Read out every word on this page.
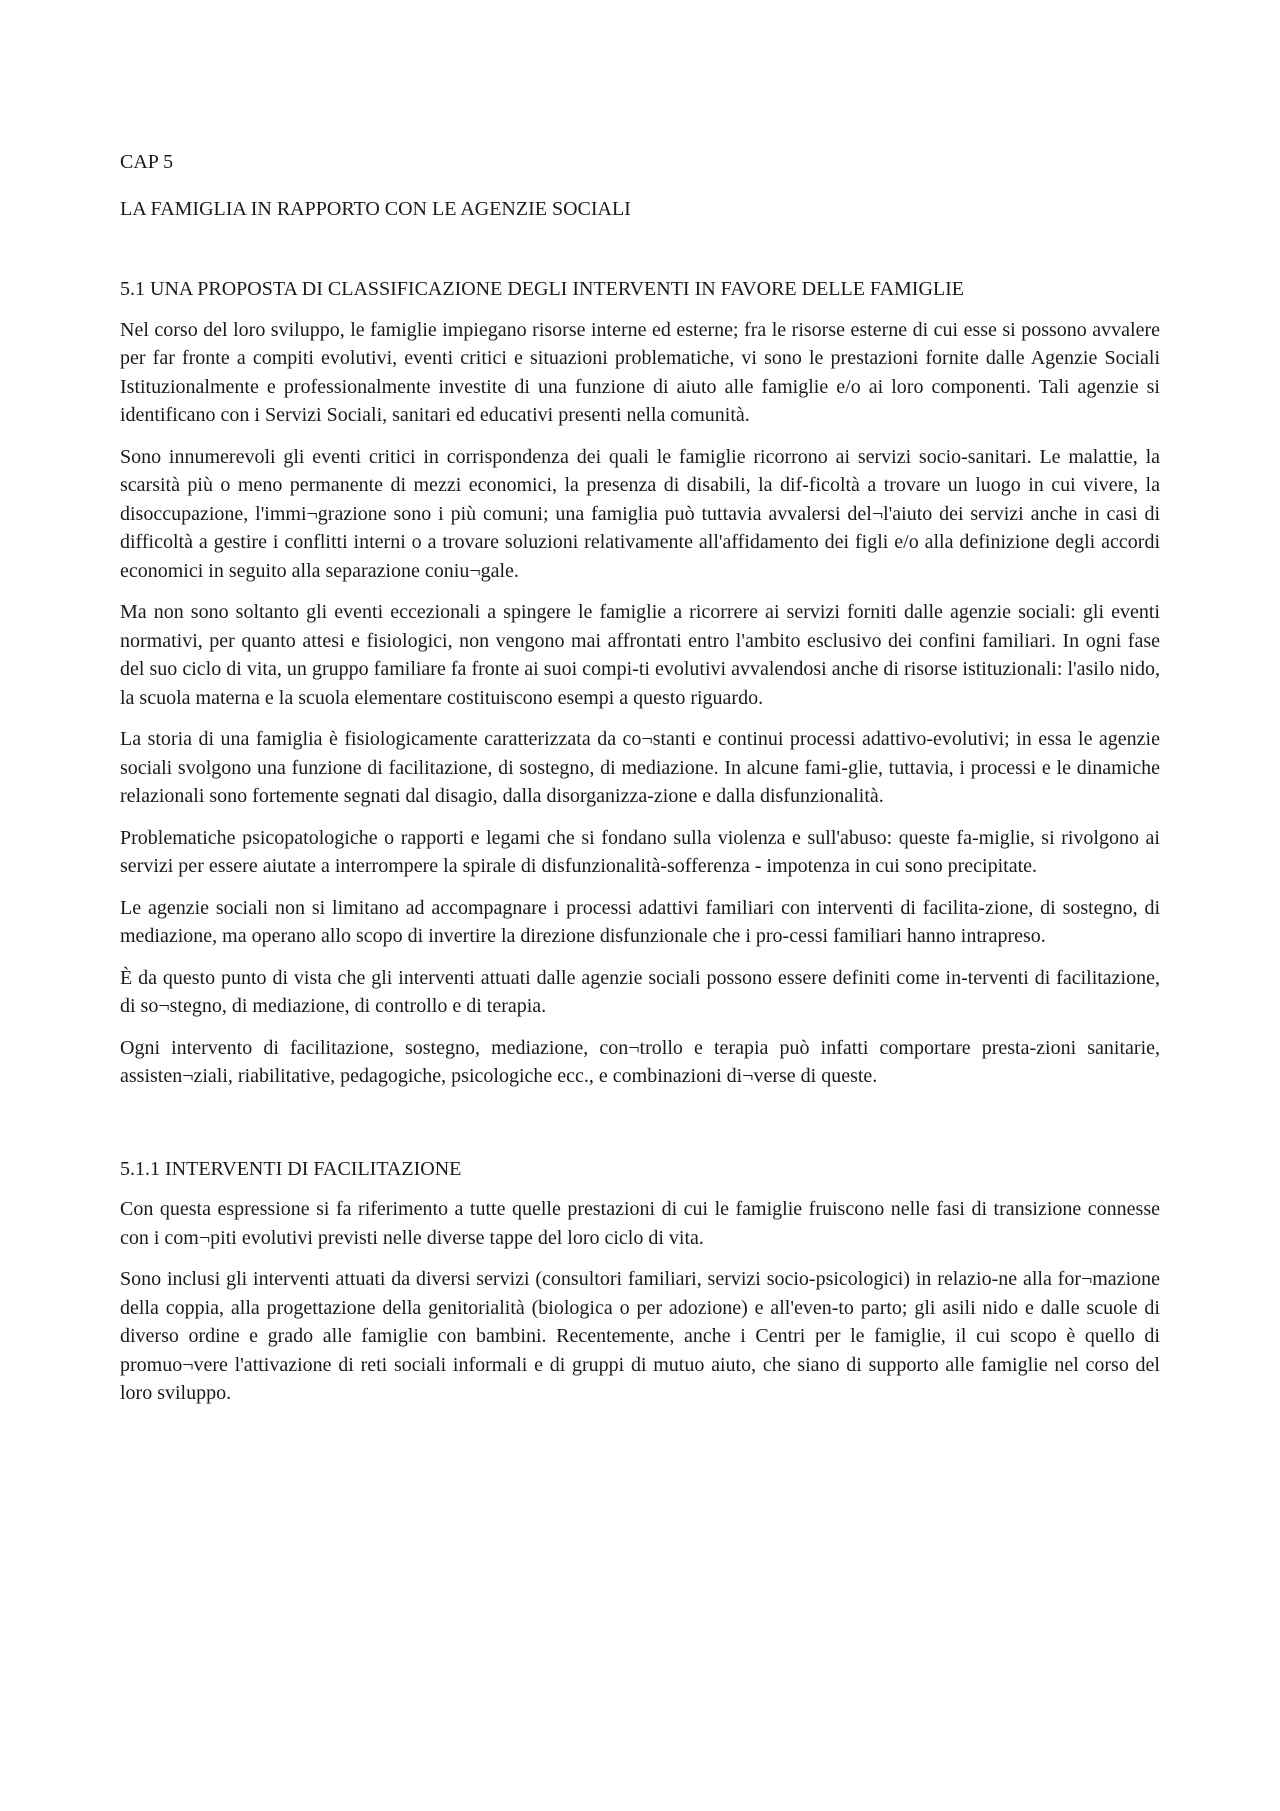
CAP 5

LA FAMIGLIA IN RAPPORTO CON LE AGENZIE SOCIALI

5.1 UNA PROPOSTA DI CLASSIFICAZIONE DEGLI INTERVENTI IN FAVORE DELLE FAMIGLIE

Nel corso del loro sviluppo, le famiglie impiegano risorse interne ed esterne; fra le risorse esterne di cui esse si possono avvalere per far fronte a compiti evolutivi, eventi critici e situazioni problematiche, vi sono le prestazioni fornite dalle Agenzie Sociali Istituzionalmente e professionalmente investite di una funzione di aiuto alle famiglie e/o ai loro componenti. Tali agenzie si identificano con i Servizi Sociali, sanitari ed educativi presenti nella comunità.

Sono innumerevoli gli eventi critici in corrispondenza dei quali le famiglie ricorrono ai servizi socio-sanitari. Le malattie, la scarsità più o meno permanente di mezzi economici, la presenza di disabili, la dif-ficoltà a trovare un luogo in cui vivere, la disoccupazione, l'immi¬grazione sono i più comuni; una famiglia può tuttavia avvalersi del¬l'aiuto dei servizi anche in casi di difficoltà a gestire i conflitti interni o a trovare soluzioni relativamente all'affidamento dei figli e/o alla definizione degli accordi economici in seguito alla separazione coniu¬gale.

Ma non sono soltanto gli eventi eccezionali a spingere le famiglie a ricorrere ai servizi forniti dalle agenzie sociali: gli eventi normativi, per quanto attesi e fisiologici, non vengono mai affrontati entro l'ambito esclusivo dei confini familiari. In ogni fase del suo ciclo di vita, un gruppo familiare fa fronte ai suoi compi-ti evolutivi avvalendosi anche di risorse istituzionali: l'asilo nido, la scuola materna e la scuola elementare costituiscono esempi a questo riguardo.

La storia di una famiglia è fisiologicamente caratterizzata da co¬stanti e continui processi adattivo-evolutivi; in essa le agenzie sociali svolgono una funzione di facilitazione, di sostegno, di mediazione. In alcune fami-glie, tuttavia, i processi e le dinamiche relazionali sono fortemente segnati dal disagio, dalla disorganizza-zione e dalla disfunzionalità.

Problematiche psicopatologiche o rapporti e legami che si fondano sulla violenza e sull'abuso: queste fa-miglie, si rivolgono ai servizi per essere aiutate a interrompere la spirale di disfunzionalità-sofferenza - impotenza in cui sono precipitate.

Le agenzie sociali non si limitano ad accompagnare i processi adattivi familiari con interventi di facilita-zione, di sostegno, di mediazione, ma operano allo scopo di invertire la direzione disfunzionale che i pro-cessi familiari hanno intrapreso.

È da questo punto di vista che gli interventi attuati dalle agenzie sociali possono essere definiti come in-terventi di facilitazione, di so¬stegno, di mediazione, di controllo e di terapia.

Ogni intervento di facilitazione, sostegno, mediazione, con¬trollo e terapia può infatti comportare presta-zioni sanitarie, assisten¬ziali, riabilitative, pedagogiche, psicologiche ecc., e combinazioni di¬verse di queste.

5.1.1 INTERVENTI DI FACILITAZIONE

Con questa espressione si fa riferimento a tutte quelle prestazioni di cui le famiglie fruiscono nelle fasi di transizione connesse con i com¬piti evolutivi previsti nelle diverse tappe del loro ciclo di vita.

Sono inclusi gli interventi attuati da diversi servizi (consultori familiari, servizi socio-psicologici) in relazio-ne alla for¬mazione della coppia, alla progettazione della genitorialità (biologica o per adozione) e all'even-to parto; gli asili nido e dalle scuole di diverso ordine e grado alle famiglie con bambini. Recentemente, anche i Centri per le famiglie, il cui scopo è quello di promuo¬vere l'attivazione di reti sociali informali e di gruppi di mutuo aiuto, che siano di supporto alle famiglie nel corso del loro sviluppo.
